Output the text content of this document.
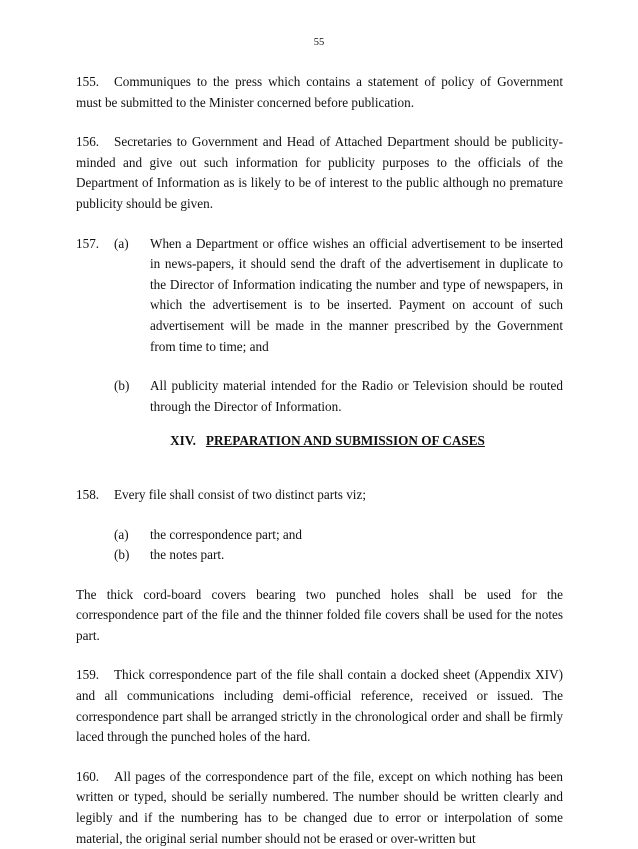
55

155. Communiques to the press which contains a statement of policy of Government must be submitted to the Minister concerned before publication.

156. Secretaries to Government and Head of Attached Department should be publicity-minded and give out such information for publicity purposes to the officials of the Department of Information as is likely to be of interest to the public although no premature publicity should be given.

157.	(a)	When a Department or office wishes an official advertisement to be inserted in news-papers, it should send the draft of the advertisement in duplicate to the Director of Information indicating the number and type of newspapers, in which the advertisement is to be inserted. Payment on account of such advertisement will be made in the manner prescribed by the Government from time to time; and
(b)	All publicity material intended for the Radio or Television should be routed through the Director of Information.
XIV. PREPARATION AND SUBMISSION OF CASES

158. Every file shall consist of two distinct parts viz;

(a)	the correspondence part; and
(b)	the notes part.

The thick cord-board covers bearing two punched holes shall be used for the correspondence part of the file and the thinner folded file covers shall be used for the notes part.

159. Thick correspondence part of the file shall contain a docked sheet (Appendix XIV) and all communications including demi-official reference, received or issued. The correspondence part shall be arranged strictly in the chronological order and shall be firmly laced through the punched holes of the hard.

160. All pages of the correspondence part of the file, except on which nothing has been written or typed, should be serially numbered. The number should be written clearly and legibly and if the numbering has to be changed due to error or interpolation of some material, the original serial number should not be erased or over-written but
